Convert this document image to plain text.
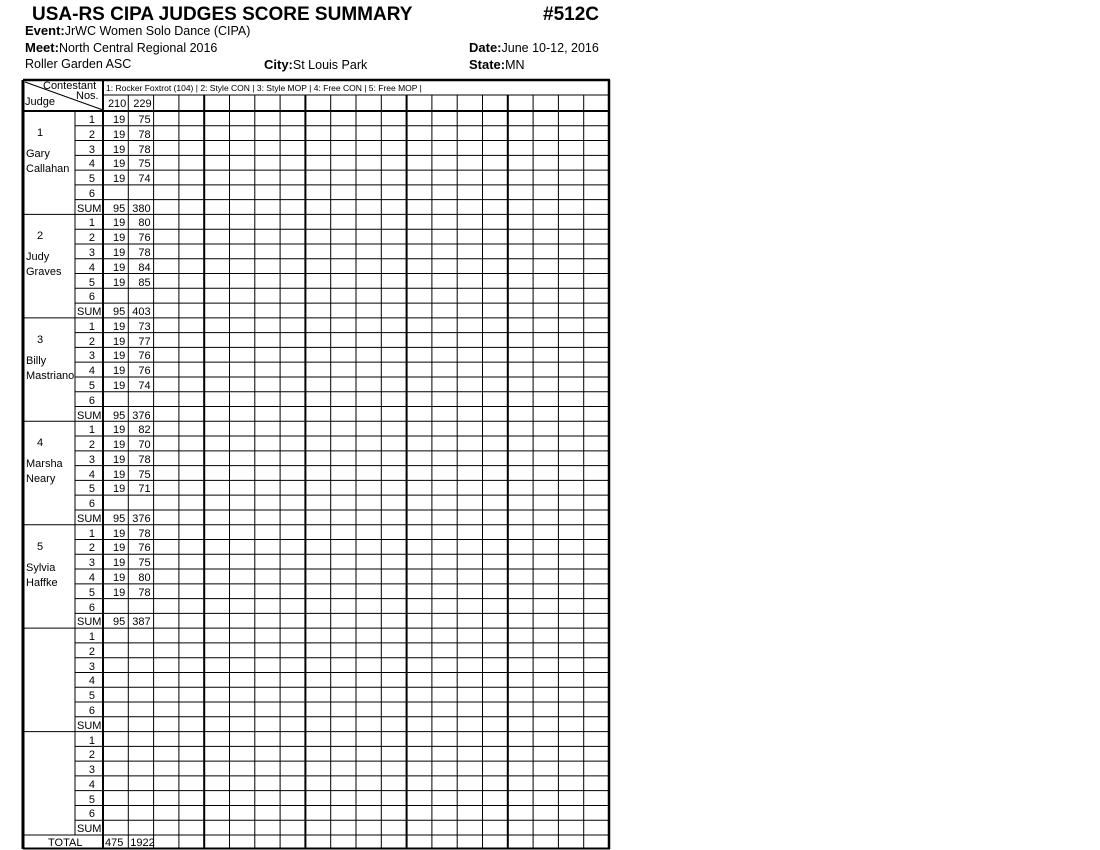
USA-RS CIPA JUDGES SCORE SUMMARY	#512C
Event:JrWC Women Solo Dance (CIPA)
Meet:North Central Regional 2016	Date:June 10-12, 2016
Roller Garden ASC	City:St Louis Park	State:MN
Contestant
Nos.
Judge
1: Rocker Foxtrot (104) | 2: Style CON | 3: Style MOP | 4: Free CON | 5: Free MOP |
210 229
1
Gary
Callahan
1	19	75
2	19	78
3	19	78
4	19	75
5	19	74
6
SUM	95 380
2
Judy
Graves
1	19	80
2	19	76
3	19	78
4	19	84
5	19	85
6
SUM	95 403
3
Billy
Mastriano
1	19	73
2	19	77
3	19	76
4	19	76
5	19	74
6
SUM	95 376
4
Marsha
Neary
1	19	82
2	19	70
3	19	78
4	19	75
5	19	71
6
SUM	95 376
5
Sylvia
Haffke
1	19	78
2	19	76
3	19	75
4	19	80
5	19	78
6
SUM	95 387
1
2
3
4
5
6
SUM
1
2
3
4
5
6
SUM
TOTAL	475 1922
